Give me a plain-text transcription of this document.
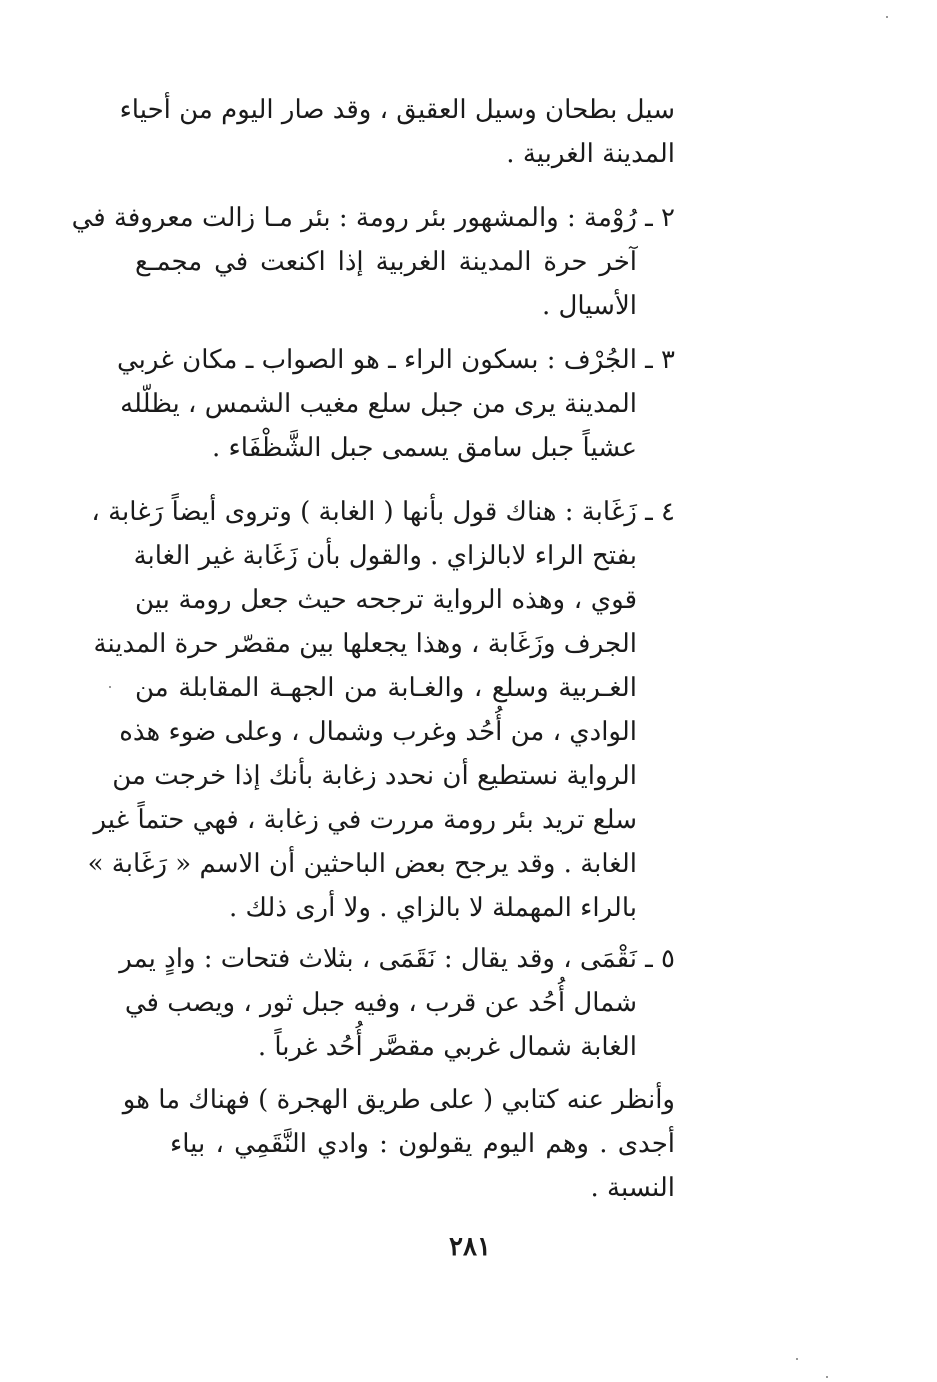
سيل بطحان وسيل العقيق ، وقد صار اليوم من أحياء
المدينة الغربية .
٢ ـ
رُوْمة : والمشهور بئر رومة : بئر مـا زالت معروفة في
آخر حرة المدينة الغربية إذا اكنعت في مجمـع
الأسيال .
٣ ـ
الجُرْف : بسكون الراء ـ هو الصواب ـ مكان غربي
المدينة يرى من جبل سلع مغيب الشمس ، يظلّله
عشياً جبل سامق يسمى جبل الشَّظْفَاء .
٤ ـ
زَغَابة : هناك قول بأنها ( الغابة ) وتروى أيضاً رَغابة ،
بفتح الراء لابالزاي . والقول بأن زَغَابة غير الغابة
قوي ، وهذه الرواية ترجحه حيث جعل رومة بين
الجرف وزَغَابة ، وهذا يجعلها بين مقصّر حرة المدينة
الغـربية وسلع ، والغـابة من الجهـة المقابلة من
الوادي ، من أُحُد وغرب وشمال ، وعلى ضوء هذه
الرواية نستطيع أن نحدد زغابة بأنك إذا خرجت من
سلع تريد بئر رومة مررت في زغابة ، فهي حتماً غير
الغابة . وقد يرجح بعض الباحثين أن الاسم « رَغَابة »
بالراء المهملة لا بالزاي . ولا أرى ذلك .
٥ ـ
نَقْمَى ، وقد يقال : نَقَمَى ، بثلاث فتحات : وادٍ يمر
شمال أُحُد عن قرب ، وفيه جبل ثور ، ويصب في
الغابة شمال غربي مقصَّر أُحُد غرباً .
وأنظر عنه كتابي ( على طريق الهجرة ) فهناك ما هو
أجدى . وهم اليوم يقولون : وادي النَّقَمِي ، بياء
النسبة .
٢٨١
